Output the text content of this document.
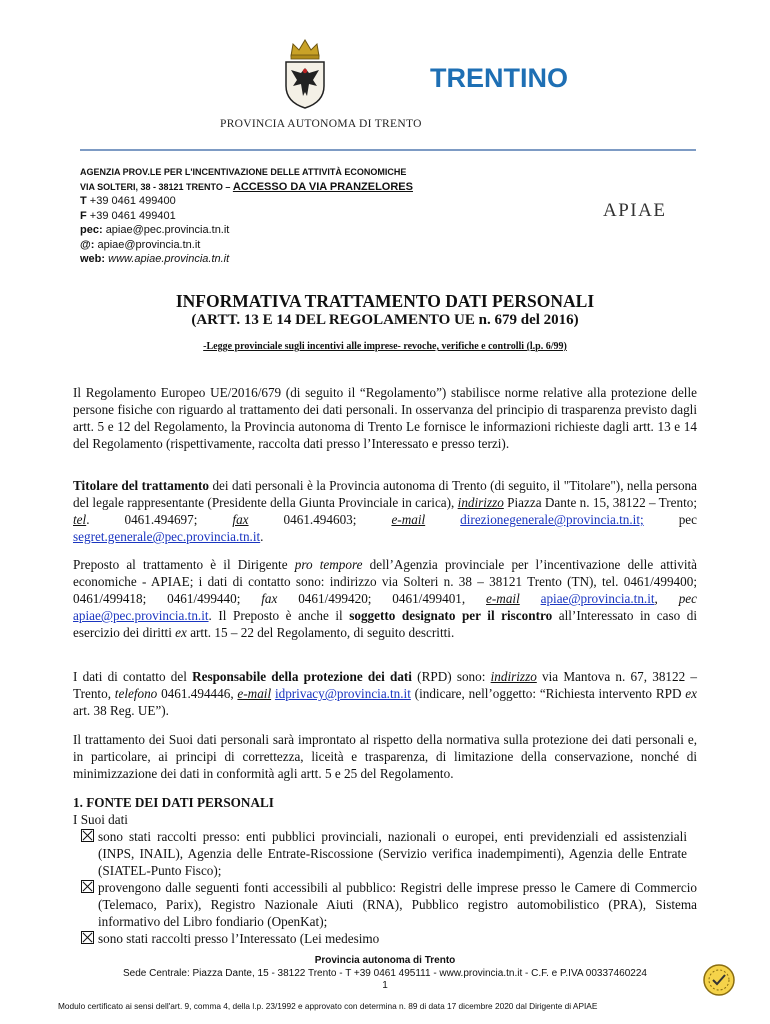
TRENTINO
PROVINCIA AUTONOMA DI TRENTO
AGENZIA PROV.LE PER L'INCENTIVAZIONE DELLE ATTIVITÀ ECONOMICHE
VIA SOLTERI, 38 - 38121 TRENTO – ACCESSO DA VIA PRANZELORES
T +39 0461 499400
F +39 0461 499401
pec: apiae@pec.provincia.tn.it
@: apiae@provincia.tn.it
web: www.apiae.provincia.tn.it
APIAE
INFORMATIVA TRATTAMENTO DATI PERSONALI
(ARTT. 13 E 14 DEL REGOLAMENTO UE n. 679 del 2016)
-Legge provinciale sugli incentivi alle imprese- revoche, verifiche e controlli (l.p. 6/99)
Il Regolamento Europeo UE/2016/679 (di seguito il “Regolamento”) stabilisce norme relative alla protezione delle persone fisiche con riguardo al trattamento dei dati personali. In osservanza del principio di trasparenza previsto dagli artt. 5 e 12 del Regolamento, la Provincia autonoma di Trento Le fornisce le informazioni richieste dagli artt. 13 e 14 del Regolamento (rispettivamente, raccolta dati presso l’Interessato e presso terzi).
Titolare del trattamento dei dati personali è la Provincia autonoma di Trento (di seguito, il "Titolare"), nella persona del legale rappresentante (Presidente della Giunta Provinciale in carica), indirizzo Piazza Dante n. 15, 38122 – Trento; tel. 0461.494697; fax 0461.494603; e-mail	direzionegenerale@provincia.tn.it; pec segret.generale@pec.provincia.tn.it.
Preposto al trattamento è il Dirigente pro tempore dell’Agenzia provinciale per l’incentivazione delle attività economiche - APIAE; i dati di contatto sono: indirizzo via Solteri n. 38 – 38121 Trento (TN), tel. 0461/499400; 0461/499418; 0461/499440; fax 0461/499420; 0461/499401, e-mail apiae@provincia.tn.it, pec apiae@pec.provincia.tn.it. Il Preposto è anche il soggetto designato per il riscontro all’Interessato in caso di esercizio dei diritti ex artt. 15 – 22 del Regolamento, di seguito descritti.
I dati di contatto del Responsabile della protezione dei dati (RPD) sono: indirizzo via Mantova n. 67, 38122 – Trento, telefono 0461.494446, e-mail idprivacy@provincia.tn.it (indicare, nell’oggetto: “Richiesta intervento RPD ex art. 38 Reg. UE”).
Il trattamento dei Suoi dati personali sarà improntato al rispetto della normativa sulla protezione dei dati personali e, in particolare, ai principi di correttezza, liceità e trasparenza, di limitazione della conservazione, nonché di minimizzazione dei dati in conformità agli artt. 5 e 25 del Regolamento.
1. FONTE DEI DATI PERSONALI
I Suoi dati
sono stati raccolti presso: enti pubblici provinciali, nazionali o europei, enti previdenziali ed assistenziali (INPS, INAIL), Agenzia delle Entrate-Riscossione (Servizio verifica inadempimenti), Agenzia delle Entrate (SIATEL-Punto Fisco);
provengono dalle seguenti fonti accessibili al pubblico: Registri delle imprese presso le Camere di Commercio (Telemaco, Parix), Registro Nazionale Aiuti (RNA), Pubblico registro automobilistico (PRA), Sistema informativo del Libro fondiario (OpenKat);
sono stati raccolti presso l’Interessato (Lei medesimo
Provincia autonoma di Trento
Sede Centrale: Piazza Dante, 15 - 38122 Trento - T +39 0461 495111 - www.provincia.tn.it - C.F. e P.IVA 00337460224
1
Modulo certificato ai sensi dell'art. 9, comma 4, della l.p. 23/1992 e approvato con determina n. 89 di data 17 dicembre 2020 dal Dirigente di APIAE
